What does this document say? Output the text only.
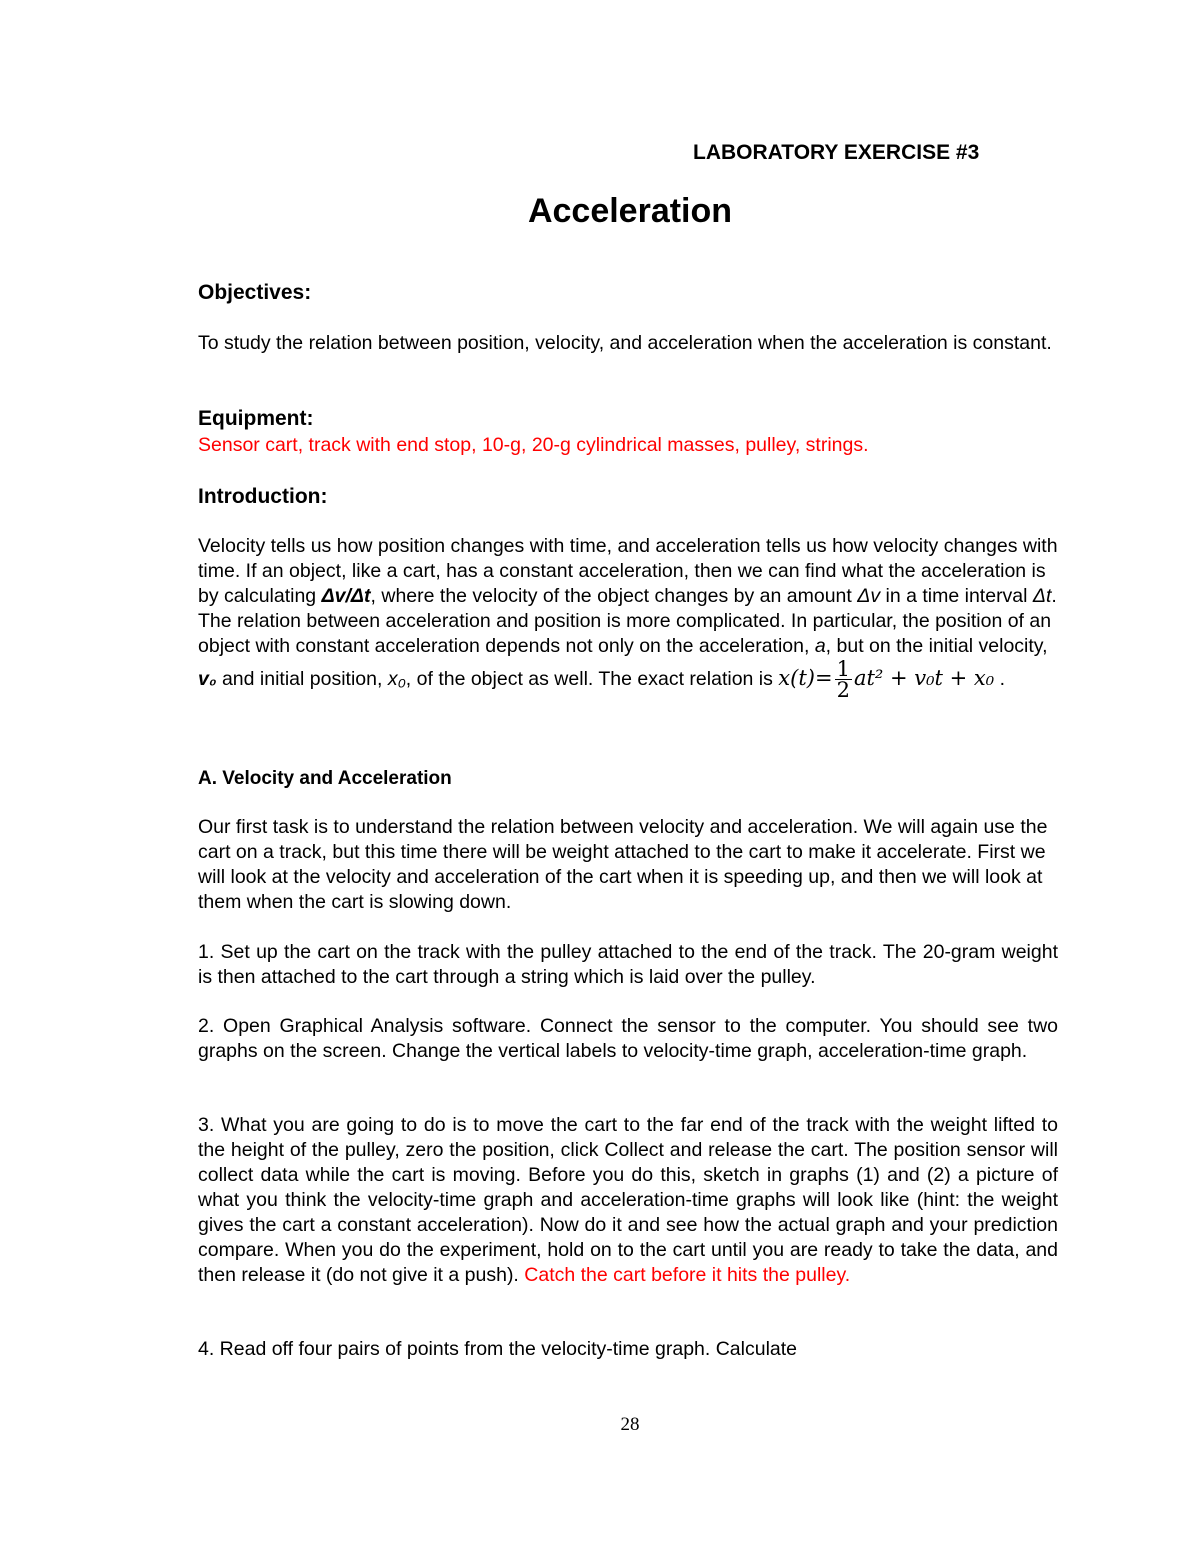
LABORATORY EXERCISE #3
Acceleration
Objectives:
To study the relation between position, velocity, and acceleration when the acceleration is constant.
Equipment:
Sensor cart, track with end stop, 10-g, 20-g cylindrical masses, pulley, strings.
Introduction:
Velocity tells us how position changes with time, and acceleration tells us how velocity changes with time. If an object, like a cart, has a constant acceleration, then we can find what the acceleration is by calculating Δv/Δt, where the velocity of the object changes by an amount Δv in a time interval Δt. The relation between acceleration and position is more complicated. In particular, the position of an object with constant acceleration depends not only on the acceleration, a, but on the initial velocity, v₀ and initial position, x₀, of the object as well. The exact relation is $x(t)= \frac{1}{2} at^2 + v_0t + x_0$ .
A. Velocity and Acceleration
Our first task is to understand the relation between velocity and acceleration. We will again use the cart on a track, but this time there will be weight attached to the cart to make it accelerate. First we will look at the velocity and acceleration of the cart when it is speeding up, and then we will look at them when the cart is slowing down.
1. Set up the cart on the track with the pulley attached to the end of the track. The 20-gram weight is then attached to the cart through a string which is laid over the pulley.
2. Open Graphical Analysis software. Connect the sensor to the computer. You should see two graphs on the screen. Change the vertical labels to velocity-time graph, acceleration-time graph.
3. What you are going to do is to move the cart to the far end of the track with the weight lifted to the height of the pulley, zero the position, click Collect and release the cart. The position sensor will collect data while the cart is moving. Before you do this, sketch in graphs (1) and (2) a picture of what you think the velocity-time graph and acceleration-time graphs will look like (hint: the weight gives the cart a constant acceleration). Now do it and see how the actual graph and your prediction compare. When you do the experiment, hold on to the cart until you are ready to take the data, and then release it (do not give it a push). Catch the cart before it hits the pulley.
4. Read off four pairs of points from the velocity-time graph. Calculate
28
